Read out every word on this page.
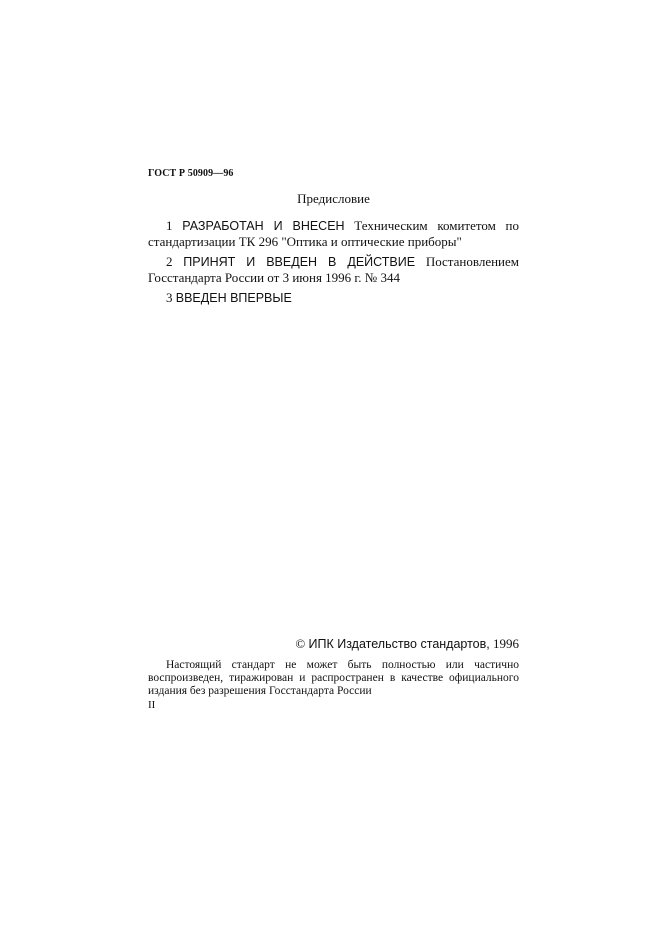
ГОСТ Р 50909—96
Предисловие

1 РАЗРАБОТАН И ВНЕСЕН Техническим комитетом по стандартизации ТК 296 "Оптика и оптические приборы"

2 ПРИНЯТ И ВВЕДЕН В ДЕЙСТВИЕ Постановлением Госстандарта России от 3 июня 1996 г. № 344

3 ВВЕДЕН ВПЕРВЫЕ

© ИПК Издательство стандартов, 1996

Настоящий стандарт не может быть полностью или частично воспроизведен, тиражирован и распространен в качестве официального издания без разрешения Госстандарта России

II
